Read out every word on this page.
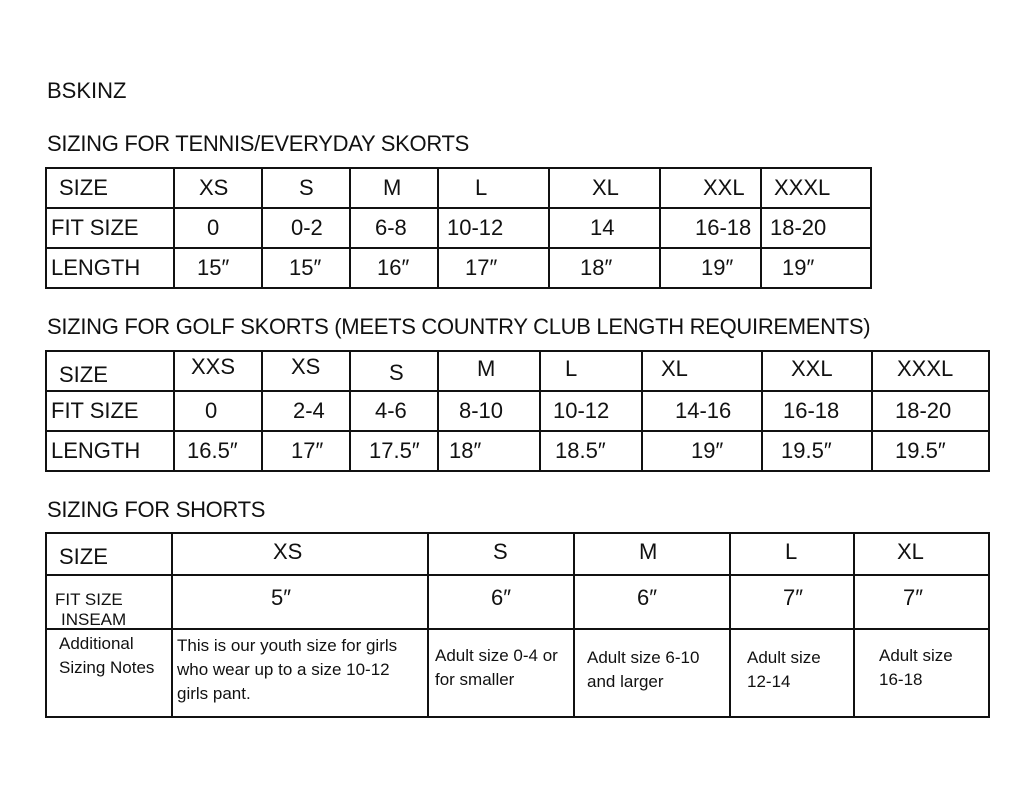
BSKINZ
SIZING FOR TENNIS/EVERYDAY SKORTS
SIZE	XS	S	M	L	XL	XXL	XXXL

FIT SIZE	0	0-2	6-8	10-12	14	16-18	18-20

LENGTH	15″	15″	16″	17″	18″	19″	19″
SIZING FOR GOLF SKORTS (MEETS COUNTRY CLUB LENGTH REQUIREMENTS)
SIZE	XXS	XS	S	M	L	XL	XXL	XXXL

FIT SIZE	0	2-4	4-6	8-10	10-12	14-16	16-18	18-20

LENGTH	16.5″	17″	17.5″	18″	18.5″	19″	19.5″	19.5″
SIZING FOR SHORTS
SIZE	XS	S	M	L	XL

FIT SIZE
INSEAM	5″	6″	6″	7″	7″

Additional Sizing Notes	This is our youth size for girls who wear up to a size 10-12 girls pant.	Adult size 0-4 or for smaller	Adult size 6-10 and larger	Adult size 12-14	Adult size 16-18
